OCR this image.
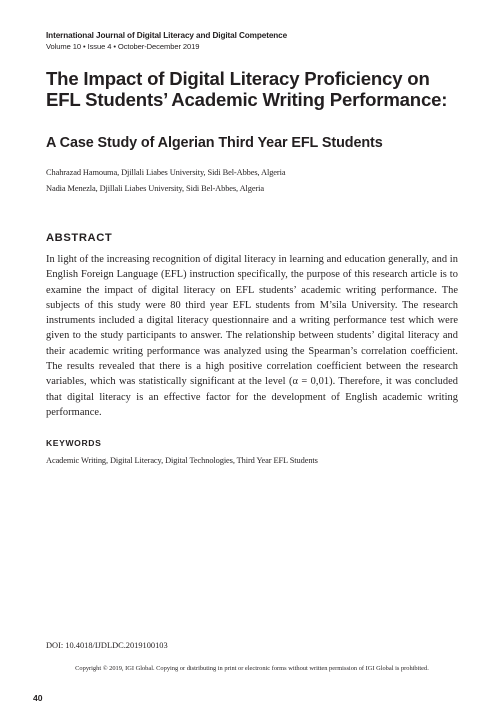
International Journal of Digital Literacy and Digital Competence
Volume 10 • Issue 4 • October-December 2019
The Impact of Digital Literacy Proficiency on EFL Students’ Academic Writing Performance:
A Case Study of Algerian Third Year EFL Students
Chahrazad Hamouma, Djillali Liabes University, Sidi Bel-Abbes, Algeria
Nadia Menezla, Djillali Liabes University, Sidi Bel-Abbes, Algeria
ABSTRACT

In light of the increasing recognition of digital literacy in learning and education generally, and in English Foreign Language (EFL) instruction specifically, the purpose of this research article is to examine the impact of digital literacy on EFL students’ academic writing performance. The subjects of this study were 80 third year EFL students from M’sila University. The research instruments included a digital literacy questionnaire and a writing performance test which were given to the study participants to answer. The relationship between students’ digital literacy and their academic writing performance was analyzed using the Spearman’s correlation coefficient. The results revealed that there is a high positive correlation coefficient between the research variables, which was statistically significant at the level (α = 0,01). Therefore, it was concluded that digital literacy is an effective factor for the development of English academic writing performance.

KEYWORDS

Academic Writing, Digital Literacy, Digital Technologies, Third Year EFL Students

DOI: 10.4018/IJDLDC.2019100103
Copyright © 2019, IGI Global. Copying or distributing in print or electronic forms without written permission of IGI Global is prohibited.
40
